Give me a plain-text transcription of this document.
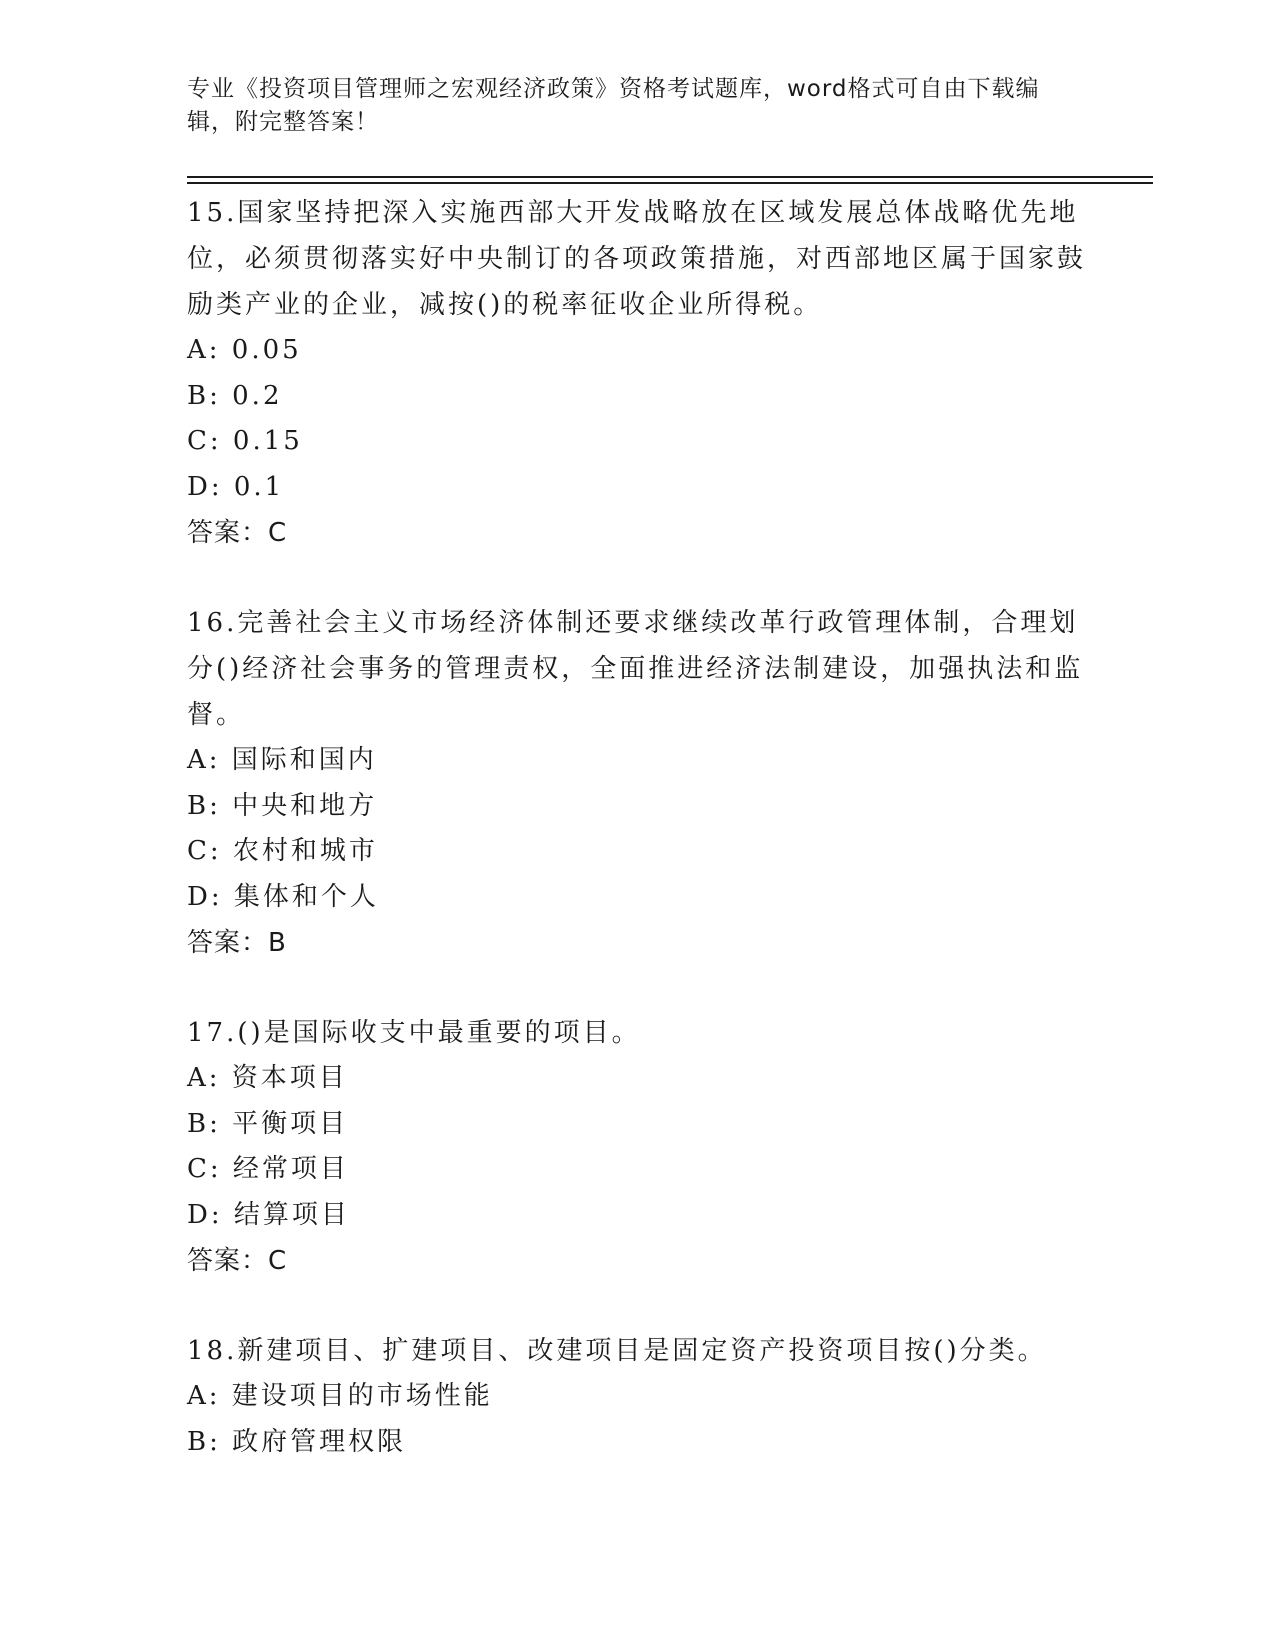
专业《投资项目管理师之宏观经济政策》资格考试题库，word格式可自由下载编辑，附完整答案！

15.国家坚持把深入实施西部大开发战略放在区域发展总体战略优先地位，必须贯彻落实好中央制订的各项政策措施，对西部地区属于国家鼓励类产业的企业，减按()的税率征收企业所得税。

A: 0.05
B: 0.2
C: 0.15
D: 0.1
答案：C

16.完善社会主义市场经济体制还要求继续改革行政管理体制，合理划分()经济社会事务的管理责权，全面推进经济法制建设，加强执法和监督。

A: 国际和国内
B: 中央和地方
C: 农村和城市
D: 集体和个人
答案：B

17.()是国际收支中最重要的项目。

A: 资本项目
B: 平衡项目
C: 经常项目
D: 结算项目
答案：C

18.新建项目、扩建项目、改建项目是固定资产投资项目按()分类。

A: 建设项目的市场性能
B: 政府管理权限
